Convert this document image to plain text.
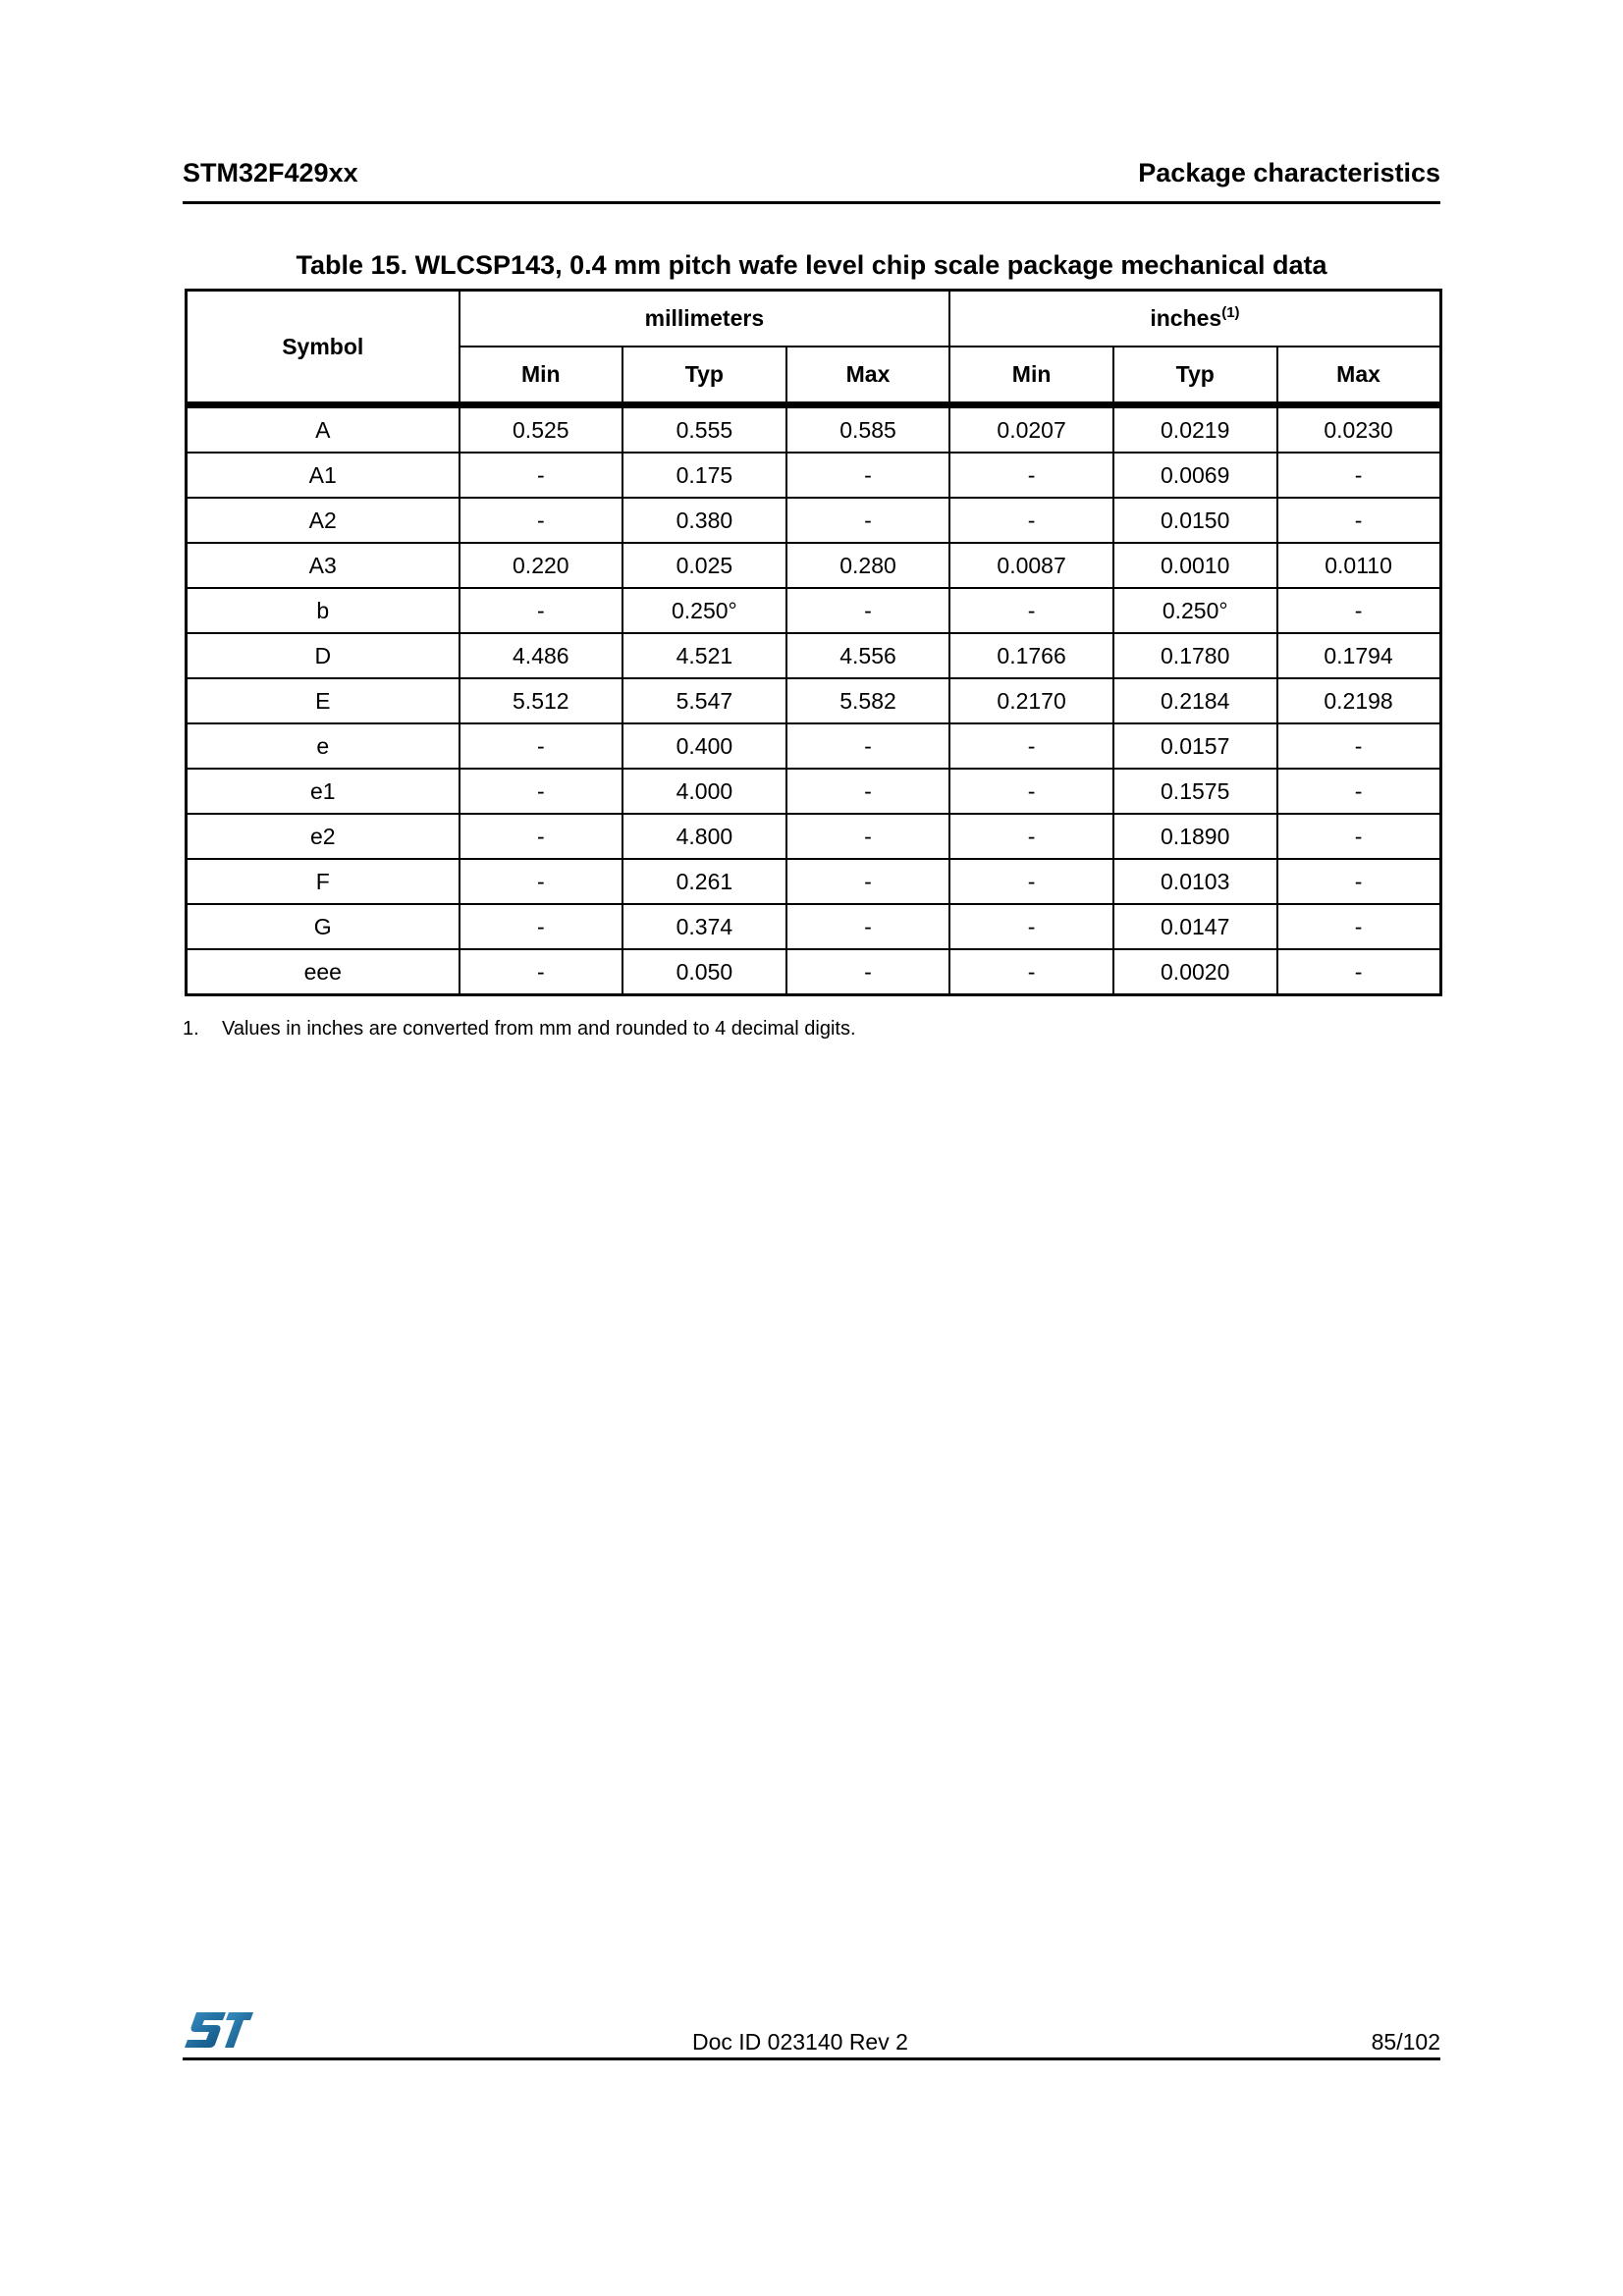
STM32F429xx	Package characteristics
Table 15. WLCSP143, 0.4 mm pitch wafe level chip scale package mechanical data
Symbol	millimeters			inches$^{(1)}$
	Min	Typ	Max	Min	Typ	Max
A	0.525	0.555	0.585	0.0207	0.0219	0.0230
A1	-	0.175	-	-	0.0069	-
A2	-	0.380	-	-	0.0150	-
A3	0.220	0.025	0.280	0.0087	0.0010	0.0110
b	-	0.250°	-	-	0.250°	-
D	4.486	4.521	4.556	0.1766	0.1780	0.1794
E	5.512	5.547	5.582	0.2170	0.2184	0.2198
e	-	0.400	-	-	0.0157	-
e1	-	4.000	-	-	0.1575	-
e2	-	4.800	-	-	0.1890	-
F	-	0.261	-	-	0.0103	-
G	-	0.374	-	-	0.0147	-
eee	-	0.050	-	-	0.0020	-
1. Values in inches are converted from mm and rounded to 4 decimal digits.
Doc ID 023140 Rev 2	85/102
